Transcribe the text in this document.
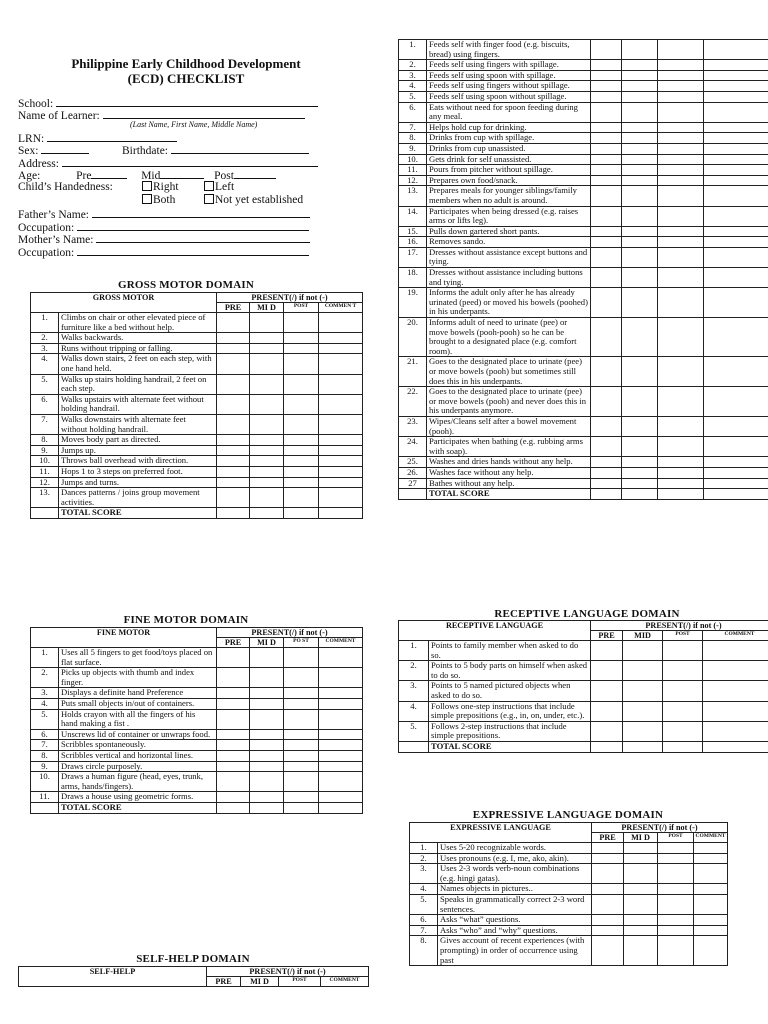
Philippine Early Childhood Development
(ECD) CHECKLIST
School:
Name of Learner:
(Last Name, First Name, Middle Name)
LRN:
Sex:	Birthdate:
Address:
Age:	Pre	Mid	Post
Child’s Handedness:	Right	Left
Both	Not yet established
Father’s Name:
Occupation:
Mother’s Name:
Occupation:
GROSS MOTOR DOMAIN
FINE MOTOR DOMAIN
SELF-HELP DOMAIN
RECEPTIVE LANGUAGE DOMAIN
EXPRESSIVE LANGUAGE DOMAIN
GROSS MOTOR		PRESENT(/) if not (-)			
		PRE	MI D	POST	COMMEN T
1.	Climbs on chair or other elevated piece of furniture like a bed without help.				
2.	Walks backwards.				
3.	Runs without tripping or falling.				
4.	Walks down stairs, 2 feet on each step, with one hand held.				
5.	Walks up stairs holding handrail, 2 feet on each step.				
6.	Walks upstairs with alternate feet without holding handrail.				
7.	Walks downstairs with alternate feet without holding handrail.				
8.	Moves body part as directed.				
9.	Jumps up.				
10.	Throws ball overhead with direction.				
11.	Hops 1 to 3 steps on preferred foot.				
12.	Jumps and turns.				
13.	Dances patterns / joins group movement activities.				
	TOTAL SCORE				
FINE MOTOR		PRESENT(/) if not (-)			
		PRE	MI D	PO ST	COMMENT
1.	Uses all 5 fingers to get food/toys placed on flat surface.				
2.	Picks up objects with thumb and index finger.				
3.	Displays a definite hand Preference				
4.	Puts small objects in/out of containers.				
5.	Holds crayon with all the fingers of his hand making a fist .				
6.	Unscrews lid of container or unwraps food.				
7.	Scribbles spontaneously.				
8.	Scribbles vertical and horizontal lines.				
9.	Draws circle purposely.				
10.	Draws a human figure (head, eyes, trunk, arms, hands/fingers).				
11.	Draws a house using geometric forms.				
	TOTAL SCORE				
1.	Feeds self with finger food (e.g. biscuits, bread) using fingers.				
2.	Feeds self using fingers with spillage.				
3.	Feeds self using spoon with spillage.				
4.	Feeds self using fingers without spillage.				
5.	Feeds self using spoon without spillage.				
6.	Eats without need for spoon feeding during any meal.				
7.	Helps hold cup for drinking.				
8.	Drinks from cup with spillage.				
9.	Drinks from cup unassisted.				
10.	Gets drink for self unassisted.				
11.	Pours from pitcher without spillage.				
12.	Prepares own food/snack.				
13.	Prepares meals for younger siblings/family members when no adult is around.				
14.	Participates when being dressed (e.g. raises arms or lifts leg).				
15.	Pulls down gartered short pants.				
16.	Removes sando.				
17.	Dresses without assistance except buttons and tying.				
18.	Dresses without assistance including buttons and tying.				
19.	Informs the adult only after he has already urinated (peed) or moved his bowels (poohed) in his underpants.				
20.	Informs adult of need to urinate (pee) or move bowels (pooh-pooh) so he can be brought to a designated place (e.g. comfort room).				
21.	Goes to the designated place to urinate (pee) or move bowels (pooh) but sometimes still does this in his underpants.				
22.	Goes to the designated place to urinate (pee) or move bowels (pooh) and never does this in his underpants anymore.				
23.	Wipes/Cleans self after a bowel movement (pooh).				
24.	Participates when bathing (e.g. rubbing arms with soap).				
25.	Washes and dries hands without any help.				
26.	Washes face without any help.				
27	Bathes without any help.				
	TOTAL SCORE				
SELF-HELP	PRESENT(/) if not (-)			
	PRE	MI D	POST	COMMENT
RECEPTIVE LANGUAGE		PRESENT(/) if not (-)			
		PRE	MID	POST	COMMENT
1.	Points to family member when asked to do so.				
2.	Points to 5 body parts on himself when asked to do so.				
3.	Points to 5 named pictured objects when asked to do so.				
4.	Follows one-step instructions that include simple prepositions (e.g., in, on, under, etc.).				
5.	Follows 2-step instructions that include simple prepositions.				
	TOTAL SCORE				
EXPRESSIVE LANGUAGE		PRESENT(/) if not (-)			
		PRE	MI D	POST	COMMENT
1.	Uses 5-20 recognizable words.				
2.	Uses pronouns (e.g. I, me, ako, akin).				
3.	Uses 2-3 words verb-noun combinations (e.g. hingi gatas).				
4.	Names objects in pictures..				
5.	Speaks in grammatically correct 2-3 word sentences.				
6.	Asks “what” questions.				
7.	Asks “who” and “why” questions.				
8.	Gives account of recent experiences (with prompting) in order of occurrence using past				
